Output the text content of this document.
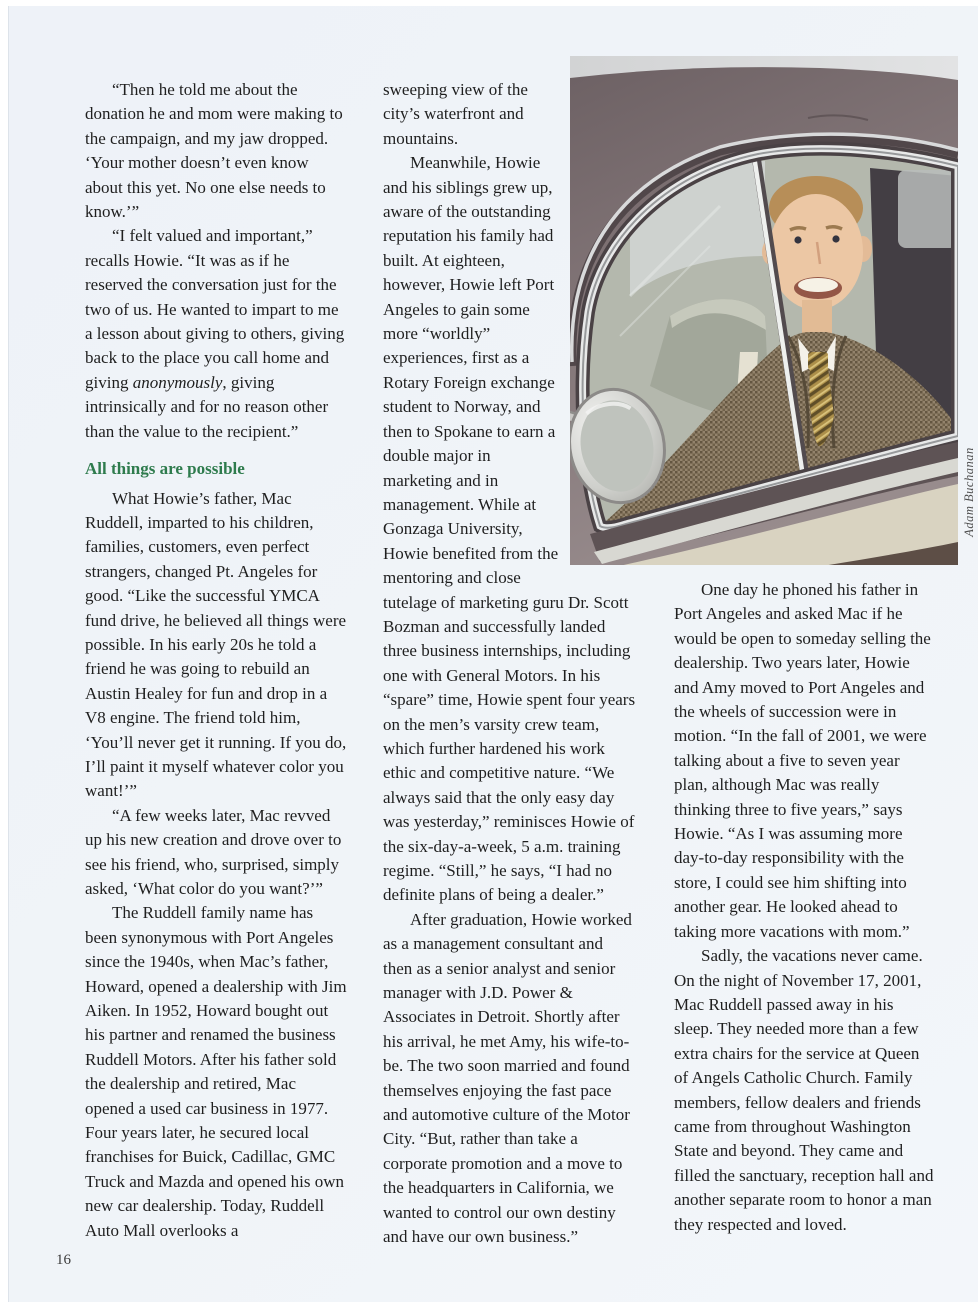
“Then he told me about the donation he and mom were making to the campaign, and my jaw dropped. ‘Your mother doesn’t even know about this yet. No one else needs to know.’”

“I felt valued and important,” recalls Howie. “It was as if he reserved the conversation just for the two of us. He wanted to impart to me a lesson about giving to others, giving back to the place you call home and giving anonymously, giving intrinsically and for no reason other than the value to the recipient.”

All things are possible

What Howie’s father, Mac Ruddell, imparted to his children, families, customers, even perfect strangers, changed Pt. Angeles for good. “Like the successful YMCA fund drive, he believed all things were possible. In his early 20s he told a friend he was going to rebuild an Austin Healey for fun and drop in a V8 engine. The friend told him, ‘You’ll never get it running. If you do, I’ll paint it myself whatever color you want!’”

“A few weeks later, Mac revved up his new creation and drove over to see his friend, who, surprised, simply asked, ‘What color do you want?’”

The Ruddell family name has been synonymous with Port Angeles since the 1940s, when Mac’s father, Howard, opened a dealership with Jim Aiken. In 1952, Howard bought out his partner and renamed the business Ruddell Motors. After his father sold the dealership and retired, Mac opened a used car business in 1977. Four years later, he secured local franchises for Buick, Cadillac, GMC Truck and Mazda and opened his own new car dealership. Today, Ruddell Auto Mall overlooks a

sweeping view of the city’s waterfront and mountains.

Meanwhile, Howie and his siblings grew up, aware of the outstanding reputation his family had built. At eighteen, however, Howie left Port Angeles to gain some more “worldly” experiences, first as a Rotary Foreign exchange student to Norway, and then to Spokane to earn a double major in marketing and in management. While at Gonzaga University, Howie benefited from the mentoring and close tutelage of marketing guru Dr. Scott Bozman and successfully landed three business internships, including one with General Motors. In his “spare” time, Howie spent four years on the men’s varsity crew team, which further hardened his work ethic and competitive nature. “We always said that the only easy day was yesterday,” reminisces Howie of the six-day-a-week, 5 a.m. training regime. “Still,” he says, “I had no definite plans of being a dealer.”

After graduation, Howie worked as a management consultant and then as a senior analyst and senior manager with J.D. Power & Associates in Detroit. Shortly after his arrival, he met Amy, his wife-to-be. The two soon married and found themselves enjoying the fast pace and automotive culture of the Motor City. “But, rather than take a corporate promotion and a move to the headquarters in California, we wanted to control our own destiny and have our own business.”

One day he phoned his father in Port Angeles and asked Mac if he would be open to someday selling the dealership. Two years later, Howie and Amy moved to Port Angeles and the wheels of succession were in motion. “In the fall of 2001, we were talking about a five to seven year plan, although Mac was really thinking three to five years,” says Howie. “As I was assuming more day-to-day responsibility with the store, I could see him shifting into another gear. He looked ahead to taking more vacations with mom.”

Sadly, the vacations never came. On the night of November 17, 2001, Mac Ruddell passed away in his sleep. They needed more than a few extra chairs for the service at Queen of Angels Catholic Church. Family members, fellow dealers and friends came from throughout Washington State and beyond. They came and filled the sanctuary, reception hall and another separate room to honor a man they respected and loved.

Adam Buchanan
16
